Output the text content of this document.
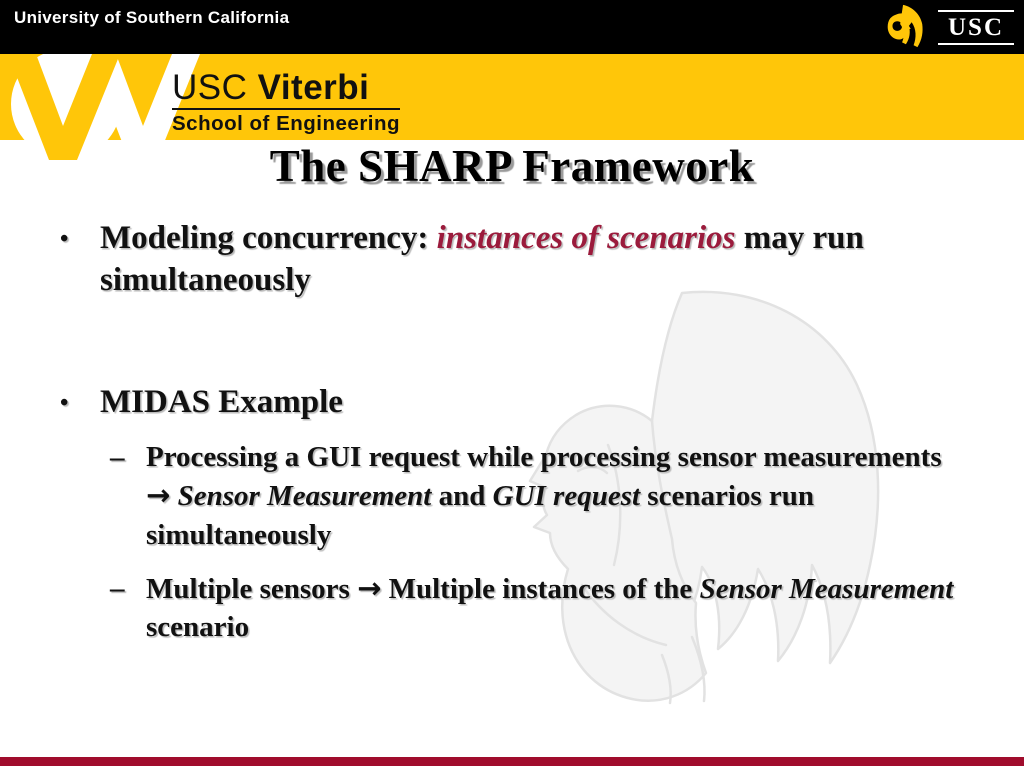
University of Southern California	USC
USC Viterbi
School of Engineering
The SHARP Framework
• Modeling concurrency: instances of scenarios may run simultaneously
• MIDAS Example
– Processing a GUI request while processing sensor measurements → Sensor Measurement and GUI request scenarios run simultaneously
– Multiple sensors → Multiple instances of the Sensor Measurement scenario
